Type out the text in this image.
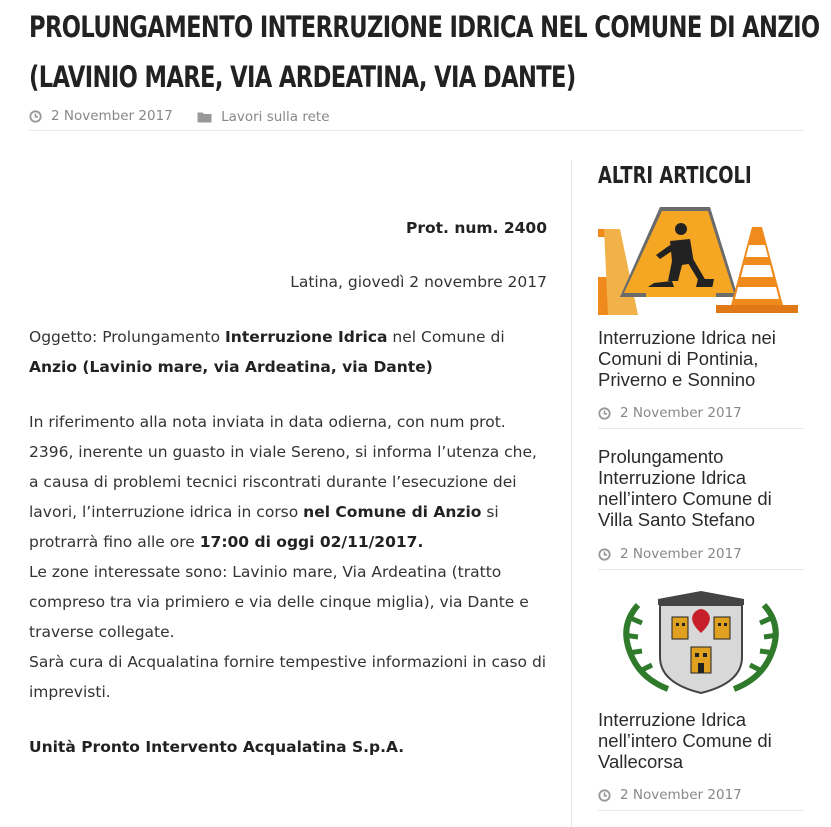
PROLUNGAMENTO INTERRUZIONE IDRICA NEL COMUNE DI ANZIO
(LAVINIO MARE, VIA ARDEATINA, VIA DANTE)
2 November 2017
	Lavori sulla rete

Prot. num. 2400

Latina, giovedì 2 novembre 2017

Oggetto: Prolungamento Interruzione Idrica nel Comune di Anzio (Lavinio mare, via Ardeatina, via Dante)

In riferimento alla nota inviata in data odierna, con num prot. 2396, inerente un guasto in viale Sereno, si informa l’utenza che, a causa di problemi tecnici riscontrati durante l’esecuzione dei lavori, l’interruzione idrica in corso nel Comune di Anzio si protrarrà fino alle ore 17:00 di oggi 02/11/2017.
Le zone interessate sono: Lavinio mare, Via Ardeatina (tratto compreso tra via primiero e via delle cinque miglia), via Dante e traverse collegate.
Sarà cura di Acqualatina fornire tempestive informazioni in caso di imprevisti.

Unità Pronto Intervento Acqualatina S.p.A.

ALTRI ARTICOLI

Interruzione Idrica nei Comuni di Pontinia, Priverno e Sonnino

2 November 2017

Prolungamento Interruzione Idrica nell’intero Comune di Villa Santo Stefano

2 November 2017

Interruzione Idrica nell’intero Comune di Vallecorsa

2 November 2017
